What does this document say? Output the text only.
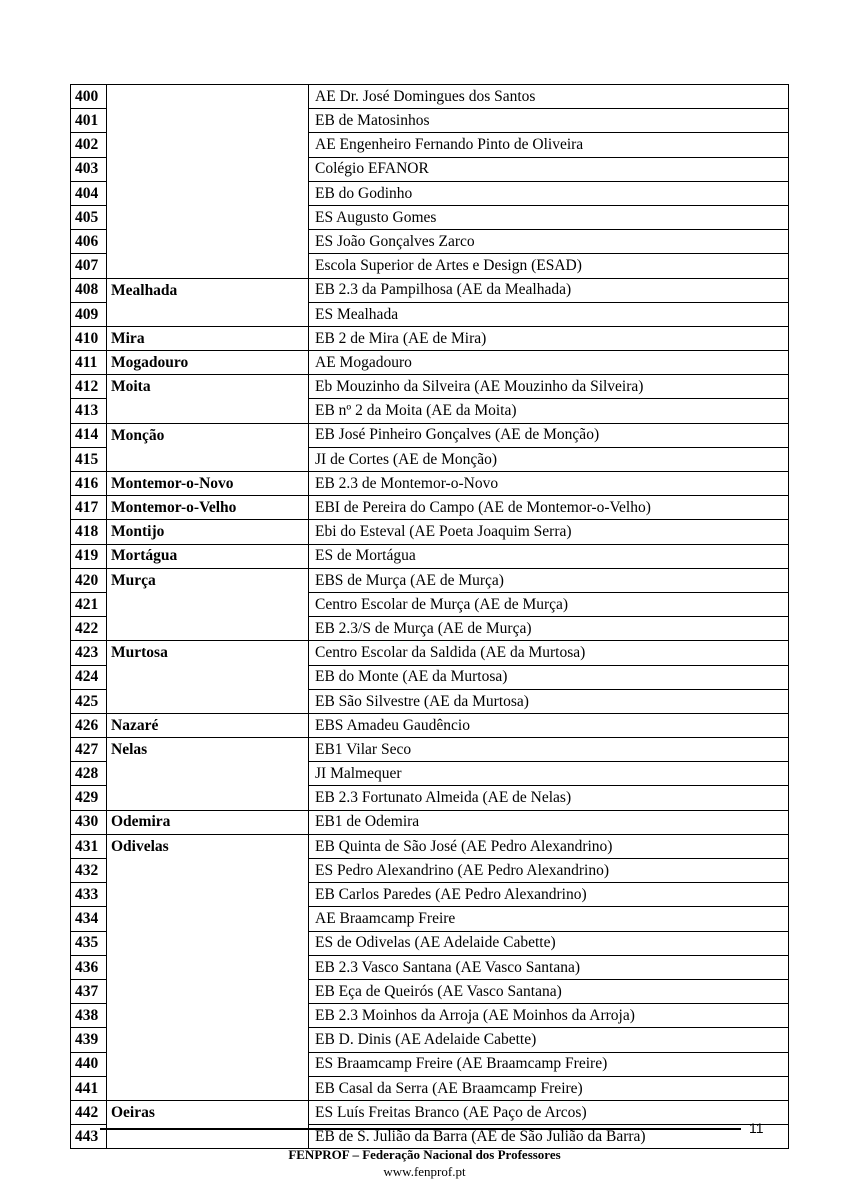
400		AE Dr. José Domingues dos Santos
401		EB de Matosinhos
402		AE Engenheiro Fernando Pinto de Oliveira
403		Colégio EFANOR
404		EB do Godinho
405		ES Augusto Gomes
406		ES João Gonçalves Zarco
407		Escola Superior de Artes e Design (ESAD)
408	Mealhada	EB 2.3 da Pampilhosa (AE da Mealhada)
409		ES Mealhada
410	Mira	EB 2 de Mira (AE de Mira)
411	Mogadouro	AE Mogadouro
412	Moita	Eb Mouzinho da Silveira (AE Mouzinho da Silveira)
413		EB nº 2 da Moita (AE da Moita)
414	Monção	EB José Pinheiro Gonçalves (AE de Monção)
415		JI de Cortes (AE de Monção)
416	Montemor-o-Novo	EB 2.3 de Montemor-o-Novo
417	Montemor-o-Velho	EBI de Pereira do Campo (AE de Montemor-o-Velho)
418	Montijo	Ebi do Esteval (AE Poeta Joaquim Serra)
419	Mortágua	ES de Mortágua
420	Murça	EBS de Murça (AE de Murça)
421		Centro Escolar de Murça (AE de Murça)
422		EB 2.3/S de Murça (AE de Murça)
423	Murtosa	Centro Escolar da Saldida (AE da Murtosa)
424		EB do Monte (AE da Murtosa)
425		EB São Silvestre (AE da Murtosa)
426	Nazaré	EBS Amadeu Gaudêncio
427	Nelas	EB1 Vilar Seco
428		JI Malmequer
429		EB 2.3 Fortunato Almeida (AE de Nelas)
430	Odemira	EB1 de Odemira
431	Odivelas	EB Quinta de São José (AE Pedro Alexandrino)
432		ES Pedro Alexandrino (AE Pedro Alexandrino)
433		EB Carlos Paredes (AE Pedro Alexandrino)
434		AE Braamcamp Freire
435		ES de Odivelas (AE Adelaide Cabette)
436		EB 2.3 Vasco Santana (AE Vasco Santana)
437		EB Eça de Queirós (AE Vasco Santana)
438		EB 2.3 Moinhos da Arroja (AE Moinhos da Arroja)
439		EB D. Dinis (AE Adelaide Cabette)
440		ES Braamcamp Freire (AE Braamcamp Freire)
441		EB Casal da Serra (AE Braamcamp Freire)
442	Oeiras	ES Luís Freitas Branco (AE Paço de Arcos)
443		EB de S. Julião da Barra (AE de São Julião da Barra)	11
FENPROF – Federação Nacional dos Professores
www.fenprof.pt
